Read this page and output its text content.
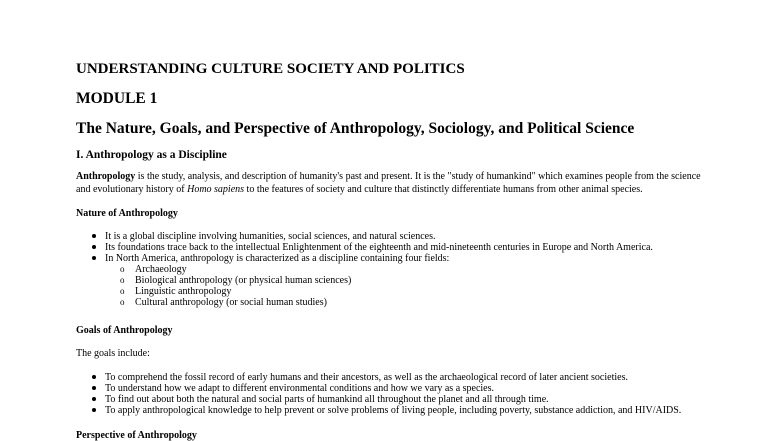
UNDERSTANDING CULTURE SOCIETY AND POLITICS
MODULE 1
The Nature, Goals, and Perspective of Anthropology, Sociology, and Political Science
I. Anthropology as a Discipline
Anthropology is the study, analysis, and description of humanity's past and present. It is the "study of humankind" which examines people from the science and evolutionary history of Homo sapiens to the features of society and culture that distinctly differentiate humans from other animal species.
Nature of Anthropology
It is a global discipline involving humanities, social sciences, and natural sciences.
Its foundations trace back to the intellectual Enlightenment of the eighteenth and mid-nineteenth centuries in Europe and North America.
In North America, anthropology is characterized as a discipline containing four fields:
o Archaeology
o Biological anthropology (or physical human sciences)
o Linguistic anthropology
o Cultural anthropology (or social human studies)
Goals of Anthropology
The goals include:
To comprehend the fossil record of early humans and their ancestors, as well as the archaeological record of later ancient societies.
To understand how we adapt to different environmental conditions and how we vary as a species.
To find out about both the natural and social parts of humankind all throughout the planet and all through time.
To apply anthropological knowledge to help prevent or solve problems of living people, including poverty, substance addiction, and HIV/AIDS.
Perspective of Anthropology
